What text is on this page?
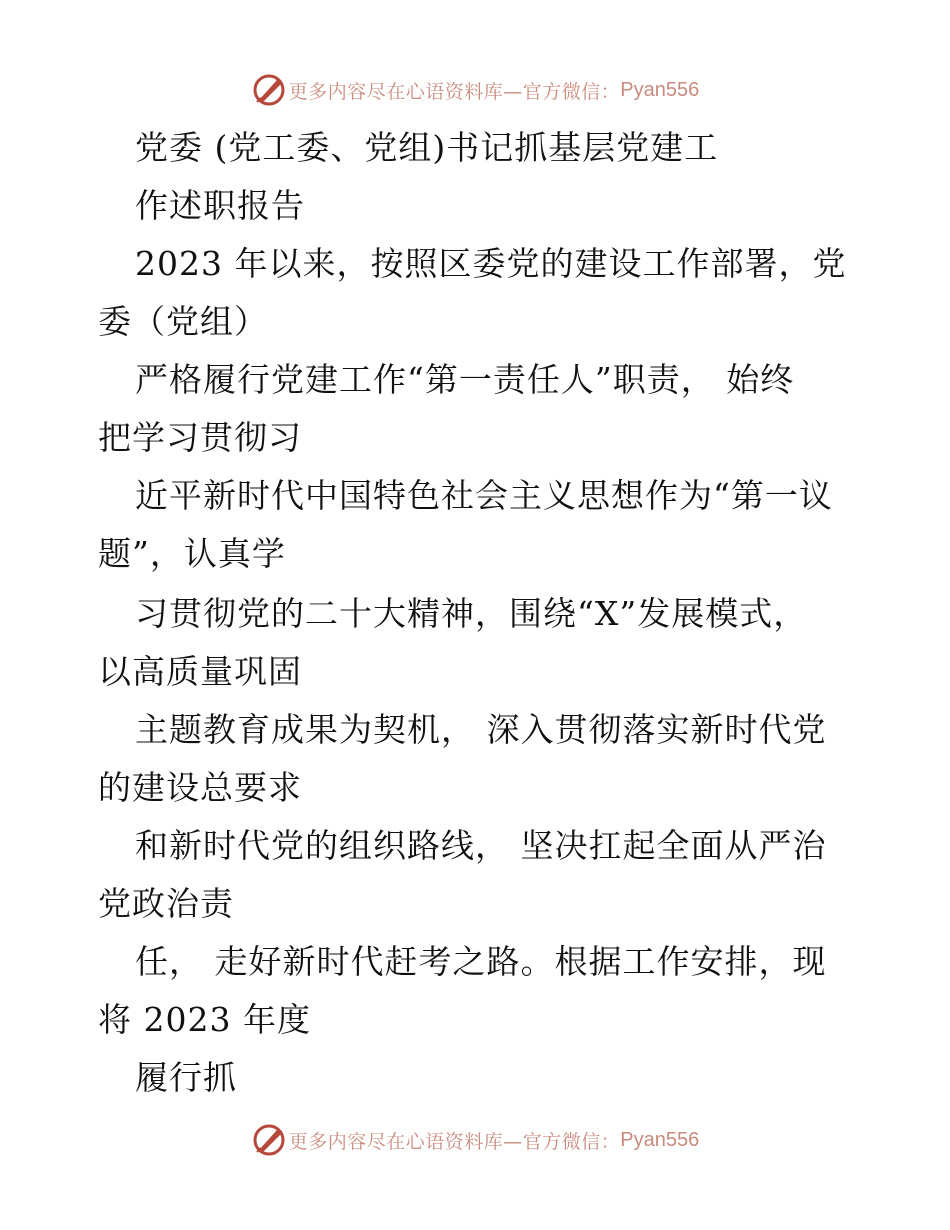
更多内容尽在心语资料库—官方微信： Pyan556
党委 (党工委、党组)书记抓基层党建工
作述职报告
2023 年以来，按照区委党的建设工作部署，党
委（党组）
严格履行党建工作“第一责任人”职责， 始终
把学习贯彻习
近平新时代中国特色社会主义思想作为“第一议
题”，认真学
习贯彻党的二十大精神，围绕“X”发展模式，
以高质量巩固
主题教育成果为契机， 深入贯彻落实新时代党
的建设总要求
和新时代党的组织路线， 坚决扛起全面从严治
党政治责
任， 走好新时代赶考之路。根据工作安排，现
将 2023 年度
履行抓
更多内容尽在心语资料库—官方微信： Pyan556
